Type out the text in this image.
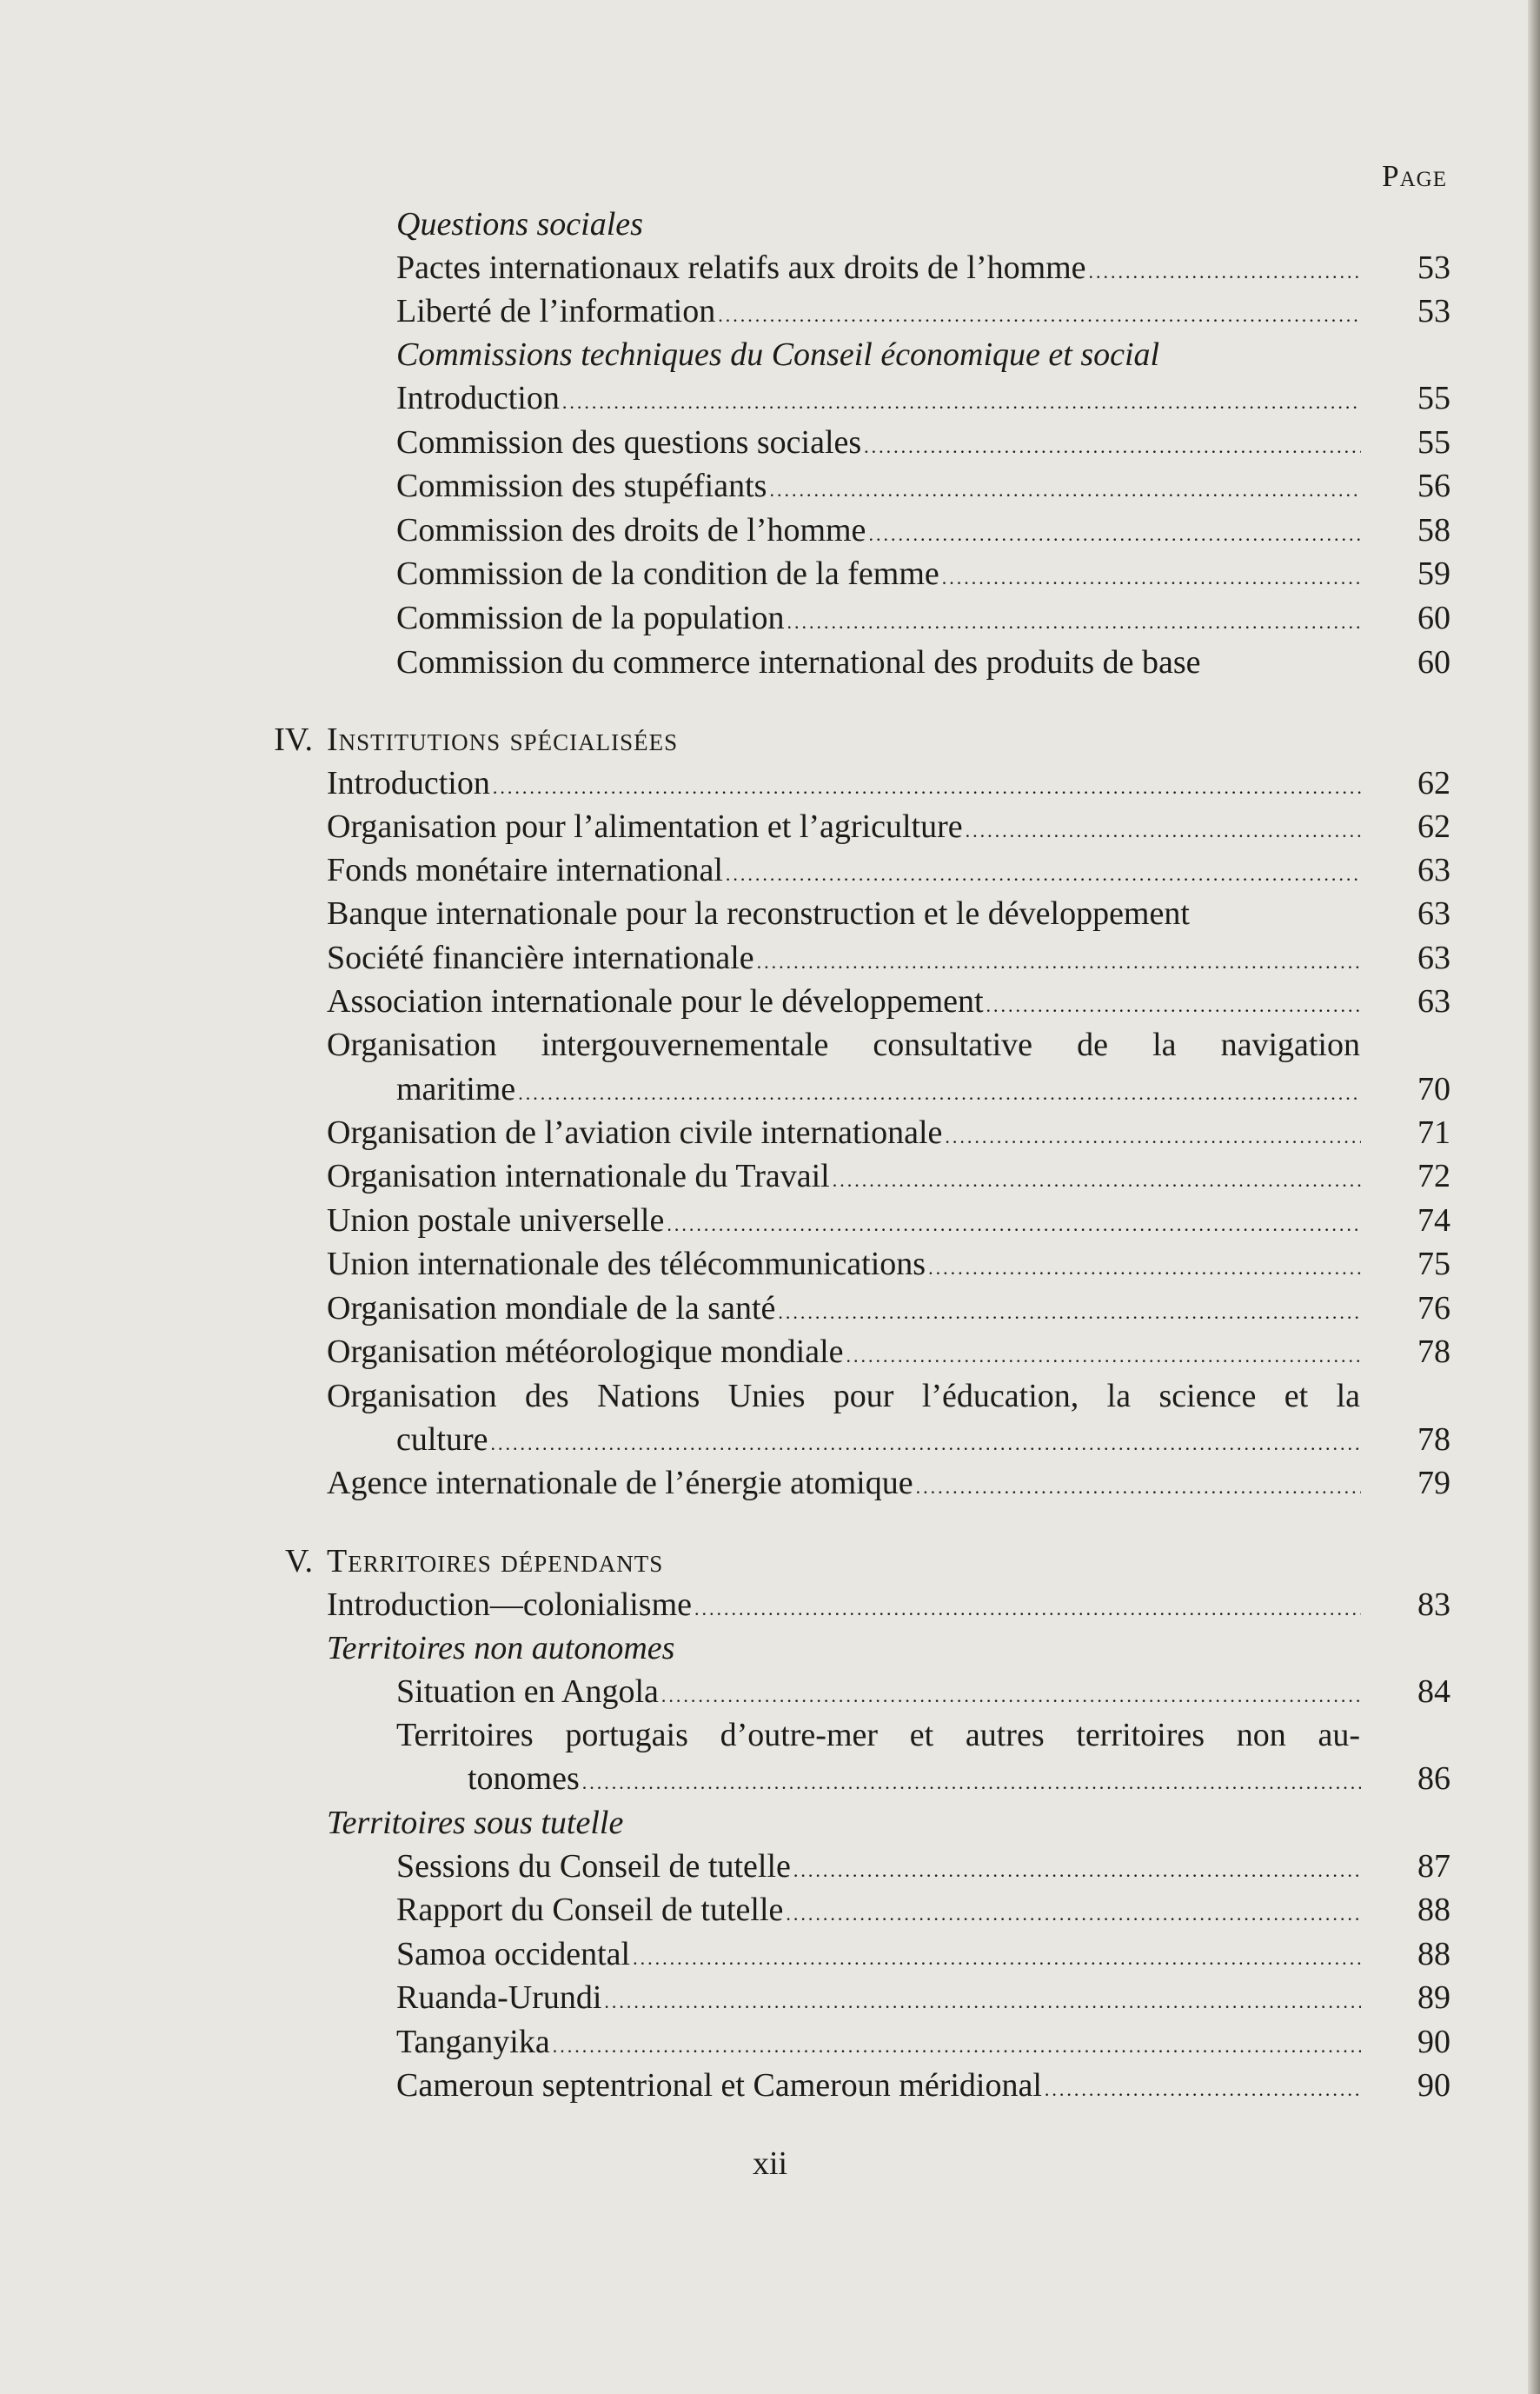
Page
Questions sociales
Pactes internationaux relatifs aux droits de l’homme .....	53
Liberté de l’information .....	53
Commissions techniques du Conseil économique et social
Introduction .....	55
Commission des questions sociales .....	55
Commission des stupéfiants .....	56
Commission des droits de l’homme .....	58
Commission de la condition de la femme .....	59
Commission de la population .....	60
Commission du commerce international des produits de base	60
IV. Institutions spécialisées
Introduction .....	62
Organisation pour l’alimentation et l’agriculture .....	62
Fonds monétaire international .....	63
Banque internationale pour la reconstruction et le développement	63
Société financière internationale .....	63
Association internationale pour le développement .....	63
Organisation intergouvernementale consultative de la navigation
maritime .....	70
Organisation de l’aviation civile internationale .....	71
Organisation internationale du Travail .....	72
Union postale universelle .....	74
Union internationale des télécommunications .....	75
Organisation mondiale de la santé .....	76
Organisation météorologique mondiale .....	78
Organisation des Nations Unies pour l’éducation, la science et la
culture .....	78
Agence internationale de l’énergie atomique .....	79
V. Territoires dépendants
Introduction—colonialisme .....	83
Territoires non autonomes
Situation en Angola .....	84
Territoires portugais d’outre-mer et autres territoires non au-
tonomes .....	86
Territoires sous tutelle
Sessions du Conseil de tutelle .....	87
Rapport du Conseil de tutelle .....	88
Samoa occidental .....	88
Ruanda-Urundi .....	89
Tanganyika .....	90
Cameroun septentrional et Cameroun méridional .....	90
xii
